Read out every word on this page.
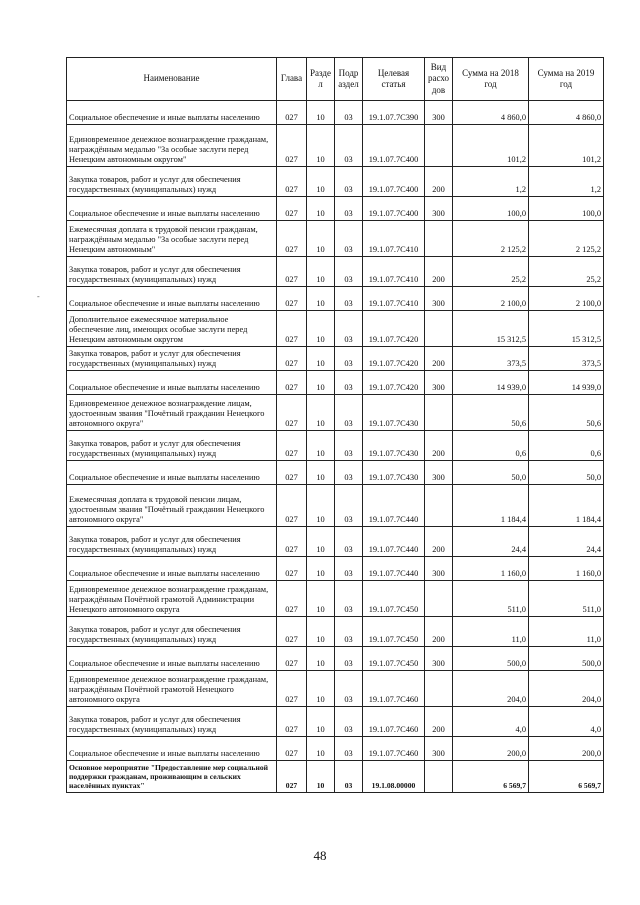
Наименование	Глава	Разде л	Подр аздел	Целевая статья	Вид расхо дов	Сумма на 2018 год	Сумма на 2019 год
Социальное обеспечение и иные выплаты населению	027	10	03	19.1.07.7С390	300	4 860,0	4 860,0
Единовременное денежное вознаграждение гражданам, награждённым медалью "За особые заслуги перед Ненецким автономным округом"	027	10	03	19.1.07.7С400		101,2	101,2
Закупка товаров, работ и услуг для обеспечения государственных (муниципальных) нужд	027	10	03	19.1.07.7С400	200	1,2	1,2
Социальное обеспечение и иные выплаты населению	027	10	03	19.1.07.7С400	300	100,0	100,0
Ежемесячная доплата к трудовой пенсии гражданам, награждённым медалью "За особые заслуги перед Ненецким автономным"	027	10	03	19.1.07.7С410		2 125,2	2 125,2
Закупка товаров, работ и услуг для обеспечения государственных (муниципальных) нужд	027	10	03	19.1.07.7С410	200	25,2	25,2
Социальное обеспечение и иные выплаты населению	027	10	03	19.1.07.7С410	300	2 100,0	2 100,0
Дополнительное ежемесячное материальное обеспечение лиц, имеющих особые заслуги перед Ненецким автономным округом	027	10	03	19.1.07.7С420		15 312,5	15 312,5
Закупка товаров, работ и услуг для обеспечения государственных (муниципальных) нужд	027	10	03	19.1.07.7С420	200	373,5	373,5
Социальное обеспечение и иные выплаты населению	027	10	03	19.1.07.7С420	300	14 939,0	14 939,0
Единовременное денежное вознаграждение лицам, удостоенным звания "Почётный гражданин Ненецкого автономного округа"	027	10	03	19.1.07.7С430		50,6	50,6
Закупка товаров, работ и услуг для обеспечения государственных (муниципальных) нужд	027	10	03	19.1.07.7С430	200	0,6	0,6
Социальное обеспечение и иные выплаты населению	027	10	03	19.1.07.7С430	300	50,0	50,0
Ежемесячная доплата к трудовой пенсии лицам, удостоенным звания "Почётный гражданин Ненецкого автономного округа"	027	10	03	19.1.07.7С440		1 184,4	1 184,4
Закупка товаров, работ и услуг для обеспечения государственных (муниципальных) нужд	027	10	03	19.1.07.7С440	200	24,4	24,4
Социальное обеспечение и иные выплаты населению	027	10	03	19.1.07.7С440	300	1 160,0	1 160,0
Единовременное денежное вознаграждение гражданам, награждённым Почётной грамотой Администрации Ненецкого автономного округа	027	10	03	19.1.07.7С450		511,0	511,0
Закупка товаров, работ и услуг для обеспечения государственных (муниципальных) нужд	027	10	03	19.1.07.7С450	200	11,0	11,0
Социальное обеспечение и иные выплаты населению	027	10	03	19.1.07.7С450	300	500,0	500,0
Единовременное денежное вознаграждение гражданам, награждённым Почётной грамотой Ненецкого автономного округа	027	10	03	19.1.07.7С460		204,0	204,0
Закупка товаров, работ и услуг для обеспечения государственных (муниципальных) нужд	027	10	03	19.1.07.7С460	200	4,0	4,0
Социальное обеспечение и иные выплаты населению	027	10	03	19.1.07.7С460	300	200,0	200,0
Основное мероприятие "Предоставление мер социальной поддержки гражданам, проживающим в сельских населённых пунктах"	027	10	03	19.1.08.00000		6 569,7	6 569,7
-
48
